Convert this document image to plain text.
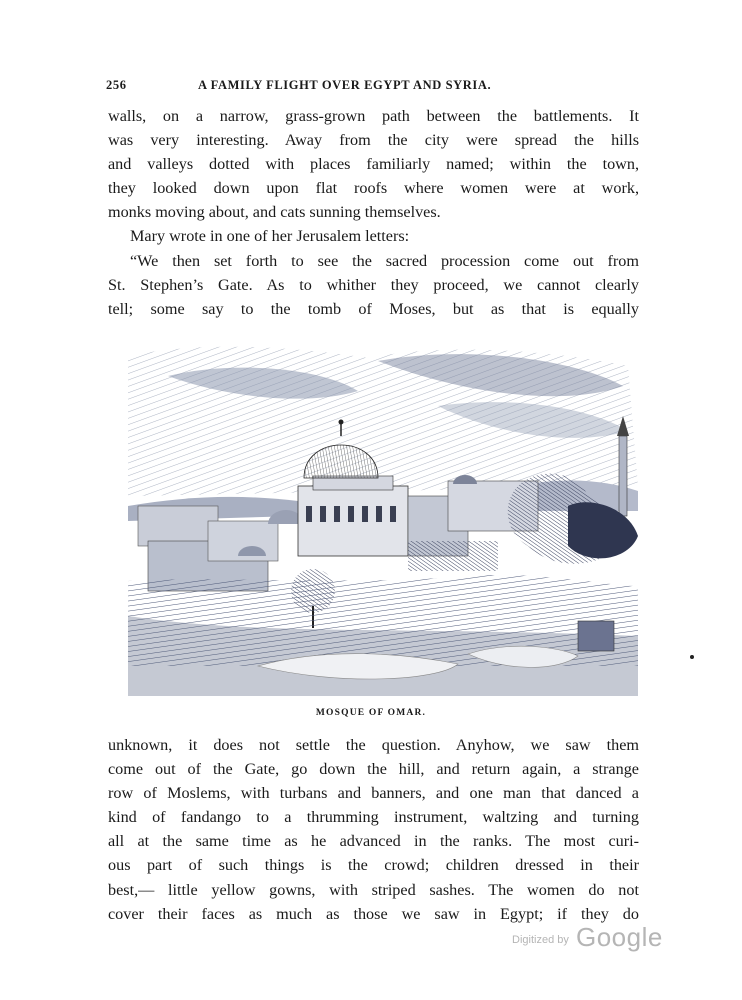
256	A FAMILY FLIGHT OVER EGYPT AND SYRIA.
walls, on a narrow, grass-grown path between the battlements. It
was very interesting. Away from the city were spread the hills
and valleys dotted with places familiarly named; within the town,
they looked down upon flat roofs where women were at work,
monks moving about, and cats sunning themselves.
Mary wrote in one of her Jerusalem letters:
“We then set forth to see the sacred procession come out from
St. Stephen’s Gate. As to whither they proceed, we cannot clearly
tell; some say to the tomb of Moses, but as that is equally
MOSQUE OF OMAR.
unknown, it does not settle the question. Anyhow, we saw them
come out of the Gate, go down the hill, and return again, a strange
row of Moslems, with turbans and banners, and one man that danced a
kind of fandango to a thrumming instrument, waltzing and turning
all at the same time as he advanced in the ranks. The most curi-
ous part of such things is the crowd; children dressed in their
best,— little yellow gowns, with striped sashes. The women do not
cover their faces as much as those we saw in Egypt; if they do
Digitized by Google
